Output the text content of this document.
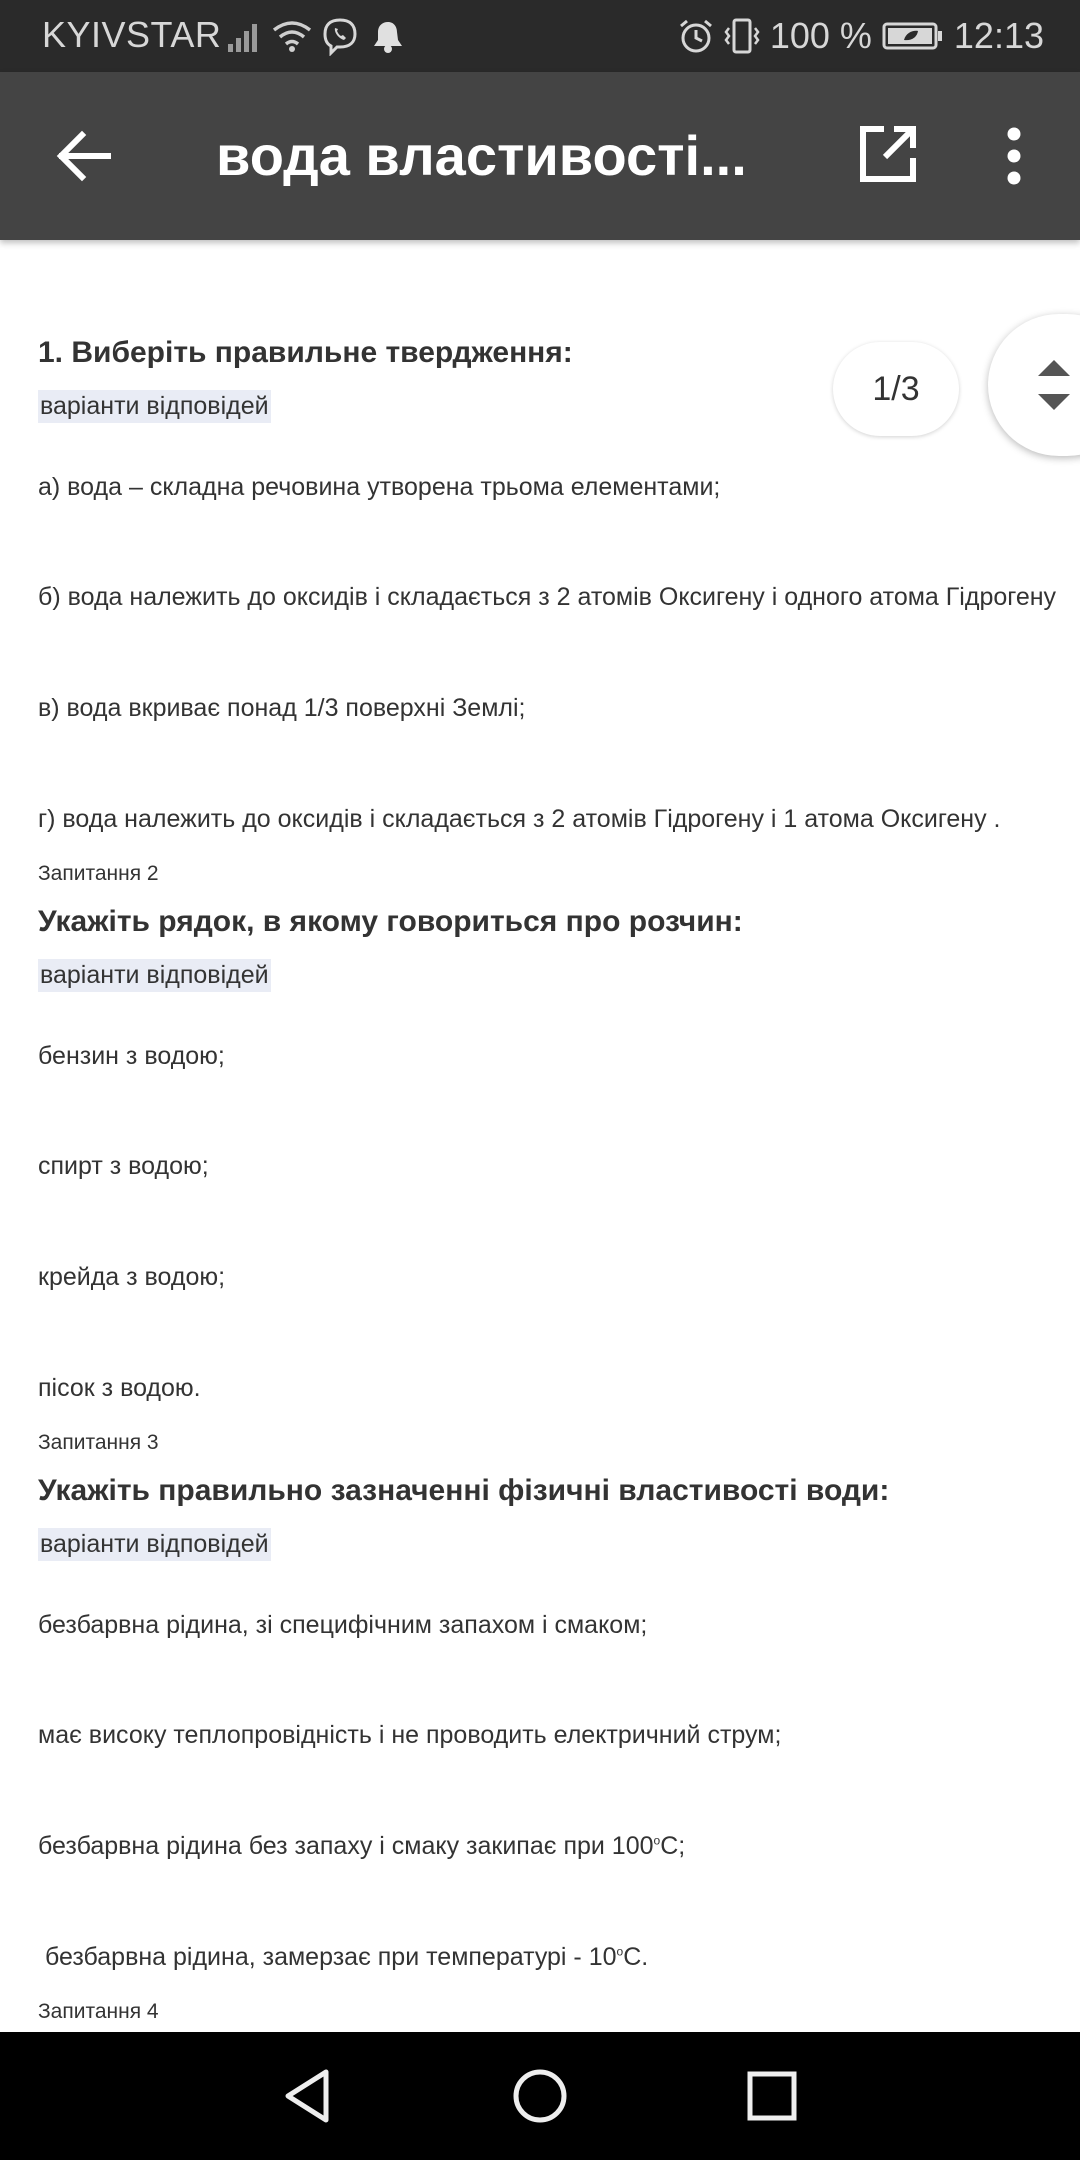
KYIVSTAR	100 % 12:13
вода властивості...
1. Виберіть правильне твердження:
варіанти відповідей
а) вода – складна речовина утворена трьома елементами;
б) вода належить до оксидів і складається з 2 атомів Оксигену і одного атома Гідрогену
в) вода вкриває понад 1/3 поверхні Землі;
г) вода належить до оксидів і складається з 2 атомів Гідрогену і 1 атома Оксигену .
Запитання 2
Укажіть рядок, в якому говориться про розчин:
варіанти відповідей
бензин з водою;
спирт з водою;
крейда з водою;
пісок з водою.
Запитання 3
Укажіть правильно зазначенні фізичні властивості води:
варіанти відповідей
безбарвна рідина, зі специфічним запахом і смаком;
має високу теплопровідність і не проводить електричний струм;
безбарвна рідина без запаху і смаку закипає при $100^оС$;
безбарвна рідина, замерзає при температурі - $10^оС$.
Запитання 4
1/3
